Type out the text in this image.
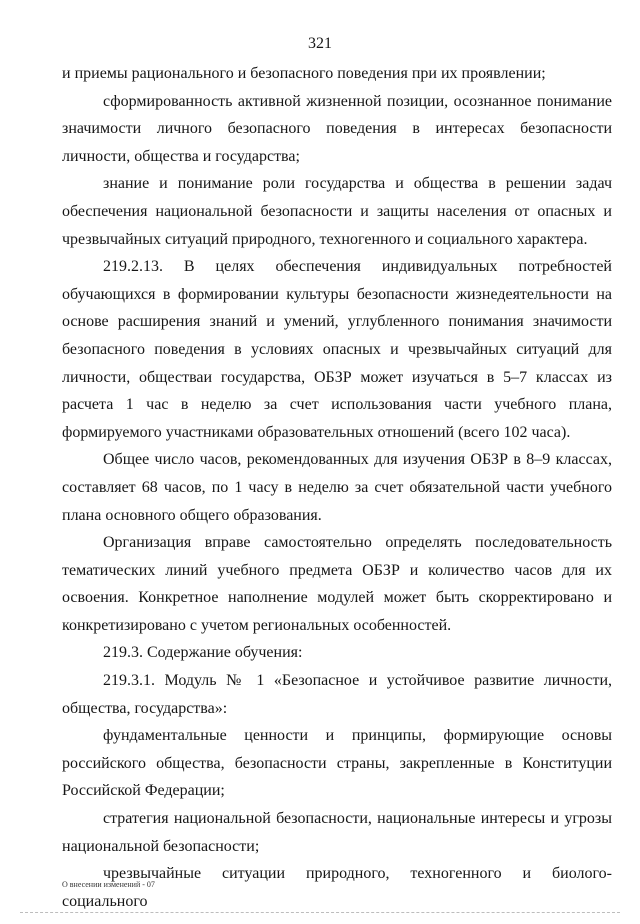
321

и приемы рационального и безопасного поведения при их проявлении;

сформированность активной жизненной позиции, осознанное понимание значимости личного безопасного поведения в интересах безопасности личности, общества и государства;

знание и понимание роли государства и общества в решении задач обеспечения национальной безопасности и защиты населения от опасных и чрезвычайных ситуаций природного, техногенного и социального характера.

219.2.13. В целях обеспечения индивидуальных потребностей обучающихся в формировании культуры безопасности жизнедеятельности на основе расширения знаний и умений, углубленного понимания значимости безопасного поведения в условиях опасных и чрезвычайных ситуаций для личности, обществаи государства, ОБЗР может изучаться в 5–7 классах из расчета 1 час в неделю за счет использования части учебного плана, формируемого участниками образовательных отношений (всего 102 часа).

Общее число часов, рекомендованных для изучения ОБЗР в 8–9 классах, составляет 68 часов, по 1 часу в неделю за счет обязательной части учебного плана основного общего образования.

Организация вправе самостоятельно определять последовательность тематических линий учебного предмета ОБЗР и количество часов для их освоения. Конкретное наполнение модулей может быть скорректировано и конкретизировано с учетом региональных особенностей.

219.3. Содержание обучения:

219.3.1. Модуль № 1 «Безопасное и устойчивое развитие личности, общества, государства»:

фундаментальные ценности и принципы, формирующие основы российского общества, безопасности страны, закрепленные в Конституции Российской Федерации;

стратегия национальной безопасности, национальные интересы и угрозы национальной безопасности;

чрезвычайные ситуации природного, техногенного и биолого-социального

О внесении изменений - 07
